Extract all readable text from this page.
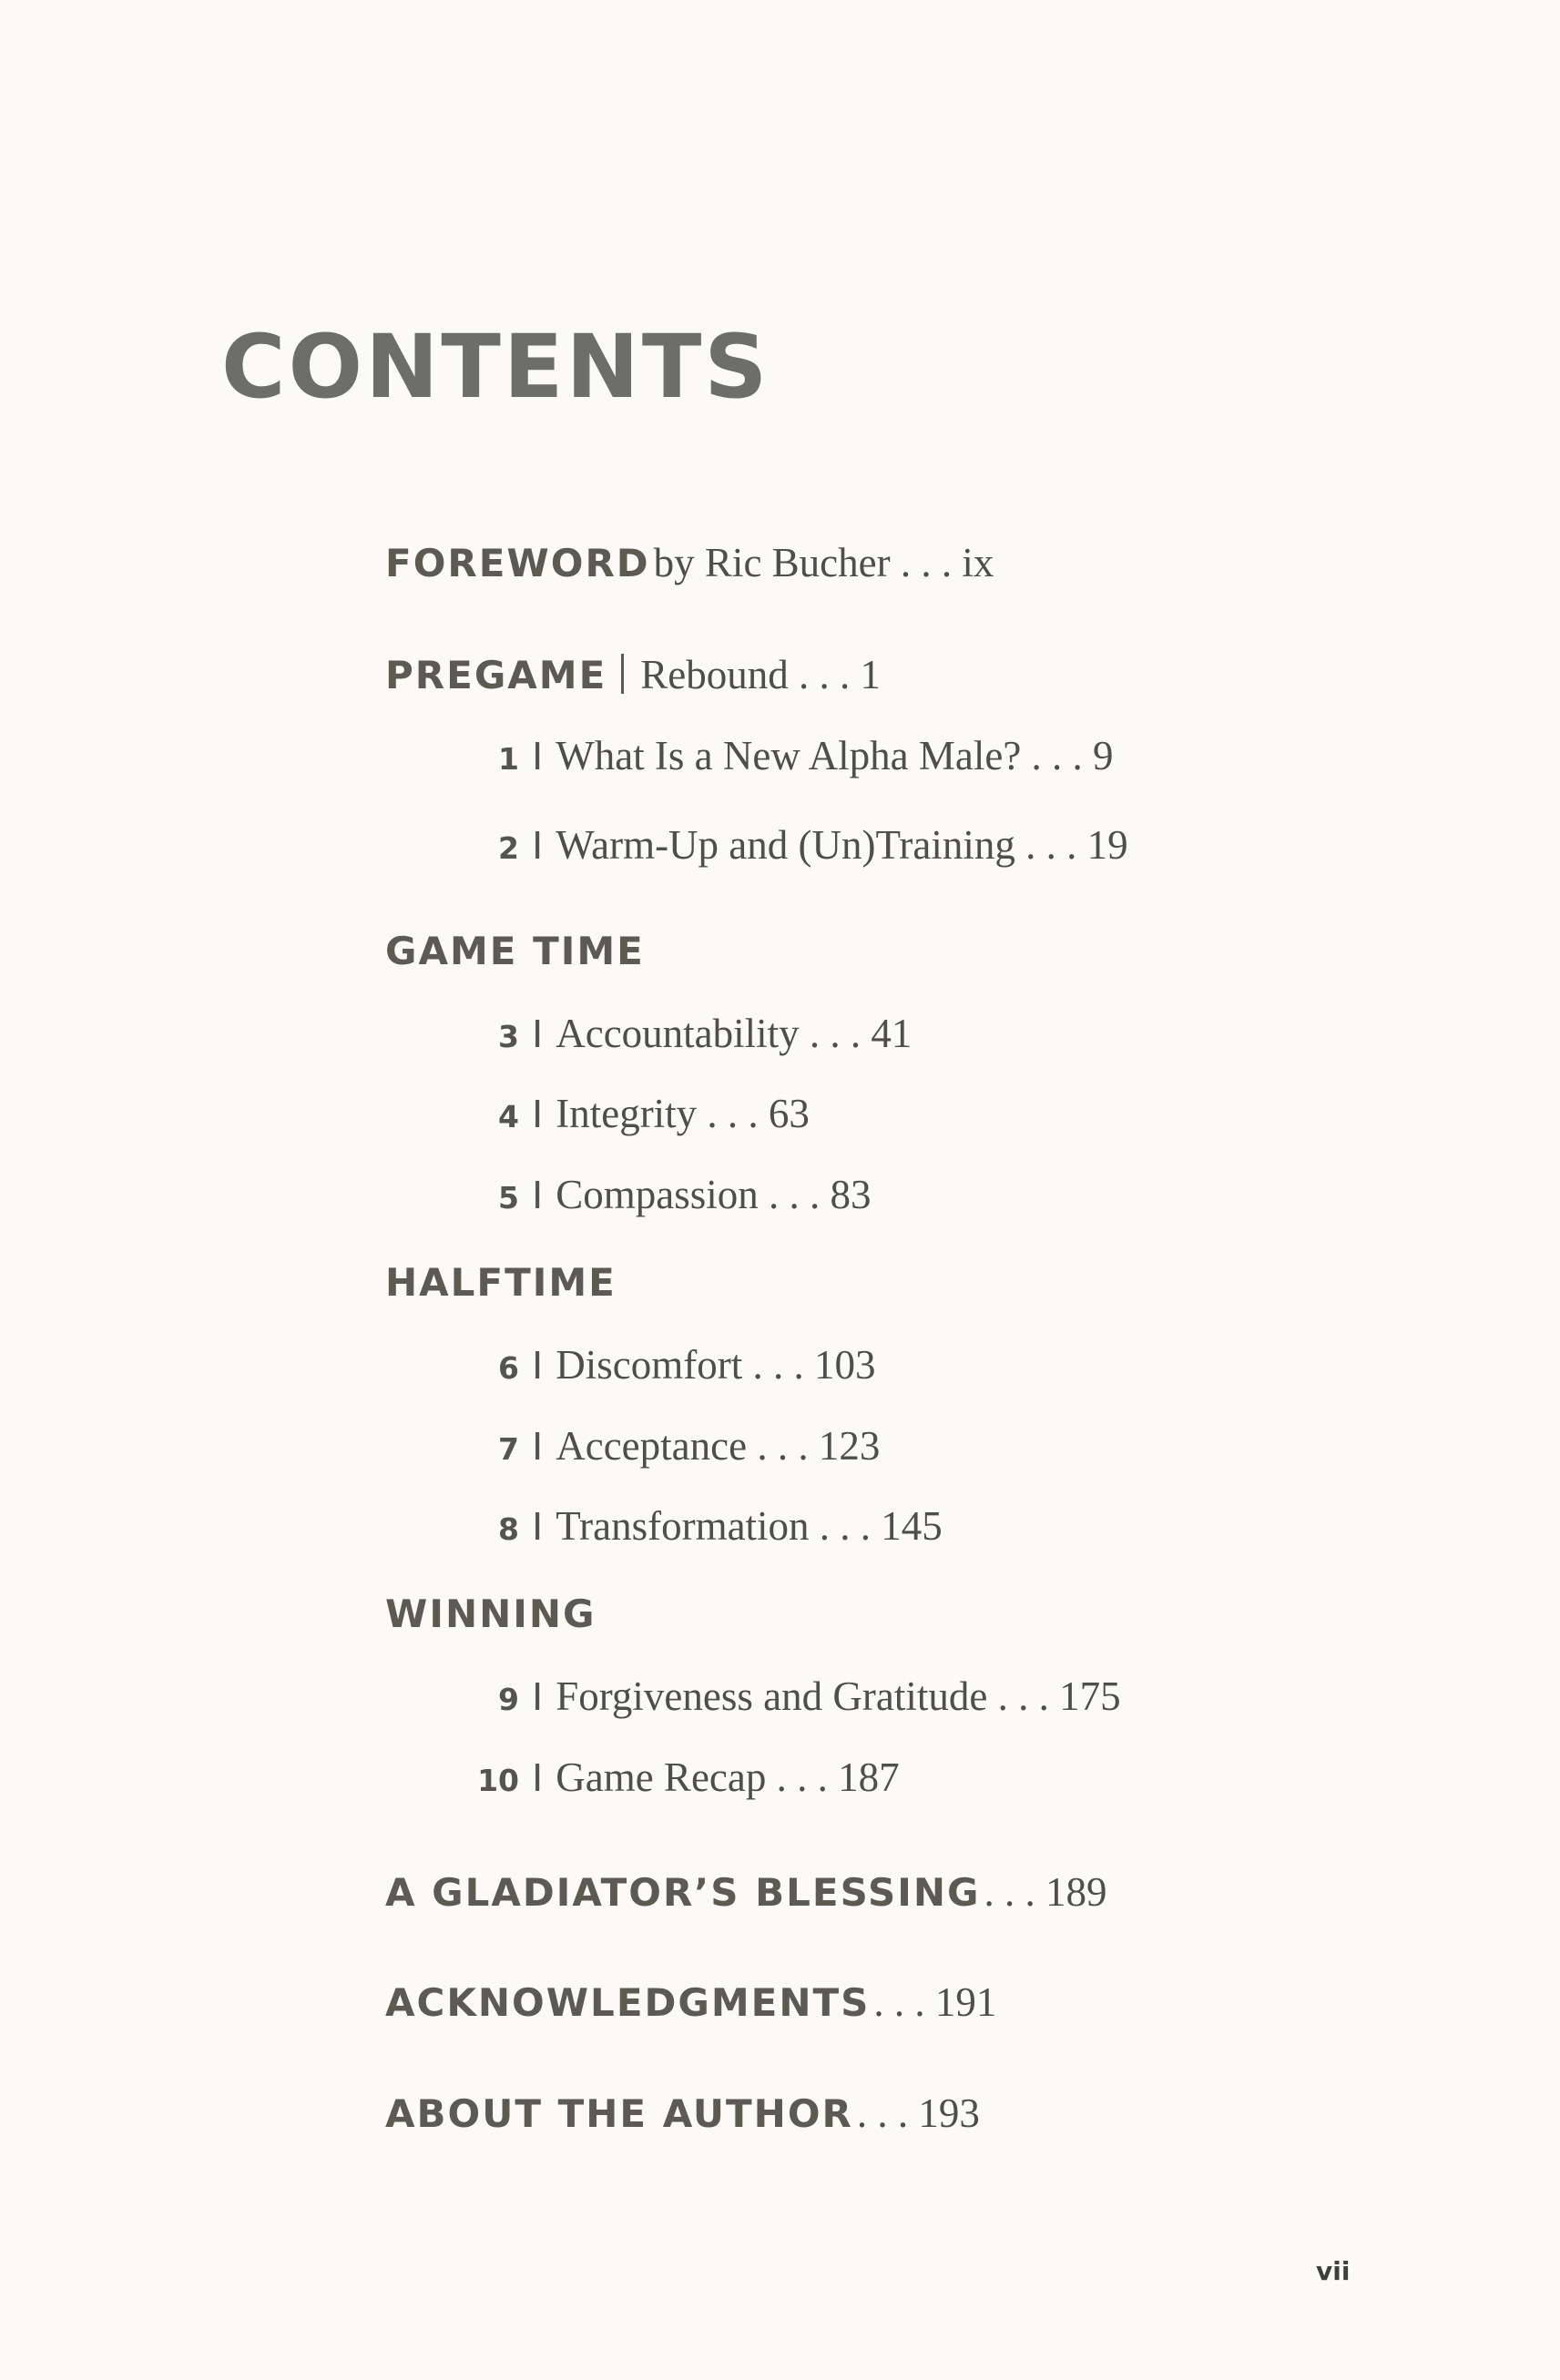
CONTENTS
FOREWORD by Ric Bucher . . . ix
PREGAME Rebound . . . 1
1 I What Is a New Alpha Male? . . . 9
2 I Warm-Up and (Un)Training . . . 19
GAME TIME
3 I Accountability . . . 41
4 I Integrity . . . 63
5 I Compassion . . . 83
HALFTIME
6 I Discomfort . . . 103
7 I Acceptance . . . 123
8 I Transformation . . . 145
WINNING
9 I Forgiveness and Gratitude . . . 175
10 I Game Recap . . . 187
A GLADIATOR’S BLESSING . . . 189
ACKNOWLEDGMENTS . . . 191
ABOUT THE AUTHOR . . . 193
vii
